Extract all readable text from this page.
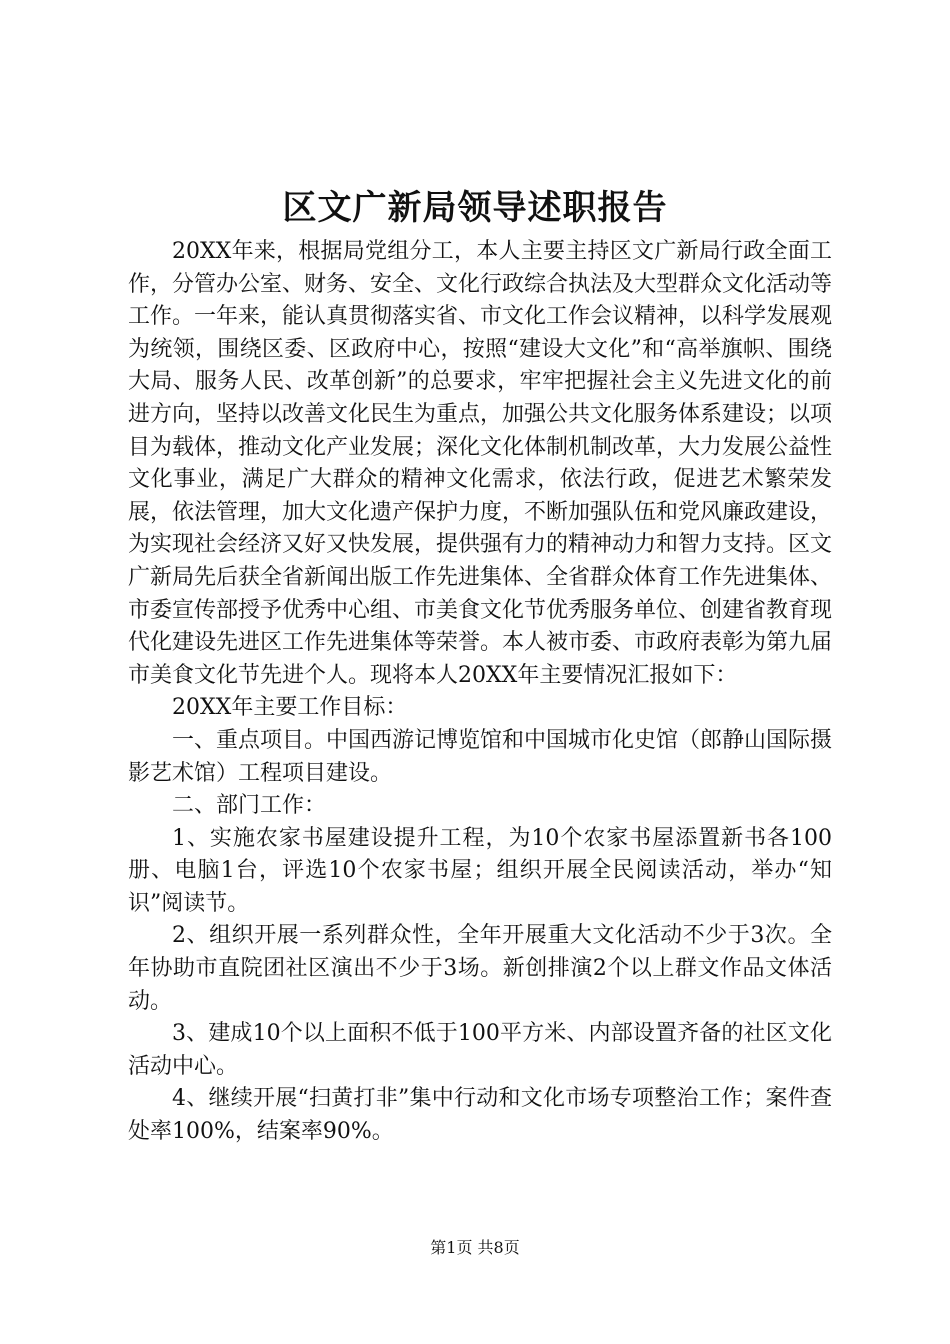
区文广新局领导述职报告

20XX年来，根据局党组分工，本人主要主持区文广新局行政全面工作，分管办公室、财务、安全、文化行政综合执法及大型群众文化活动等工作。一年来，能认真贯彻落实省、市文化工作会议精神，以科学发展观为统领，围绕区委、区政府中心，按照“建设大文化”和“高举旗帜、围绕大局、服务人民、改革创新”的总要求，牢牢把握社会主义先进文化的前进方向，坚持以改善文化民生为重点，加强公共文化服务体系建设；以项目为载体，推动文化产业发展；深化文化体制机制改革，大力发展公益性文化事业，满足广大群众的精神文化需求，依法行政，促进艺术繁荣发展，依法管理，加大文化遗产保护力度，不断加强队伍和党风廉政建设，为实现社会经济又好又快发展，提供强有力的精神动力和智力支持。区文广新局先后获全省新闻出版工作先进集体、全省群众体育工作先进集体、市委宣传部授予优秀中心组、市美食文化节优秀服务单位、创建省教育现代化建设先进区工作先进集体等荣誉。本人被市委、市政府表彰为第九届市美食文化节先进个人。现将本人20XX年主要情况汇报如下：

20XX年主要工作目标：

一、重点项目。中国西游记博览馆和中国城市化史馆（郎静山国际摄影艺术馆）工程项目建设。

二、部门工作：

1、实施农家书屋建设提升工程，为10个农家书屋添置新书各100册、电脑1台，评选10个农家书屋；组织开展全民阅读活动，举办“知识”阅读节。

2、组织开展一系列群众性，全年开展重大文化活动不少于3次。全年协助市直院团社区演出不少于3场。新创排演2个以上群文作品文体活动。

3、建成10个以上面积不低于100平方米、内部设置齐备的社区文化活动中心。

4、继续开展“扫黄打非”集中行动和文化市场专项整治工作；案件查处率100%，结案率90%。

第1页 共8页
